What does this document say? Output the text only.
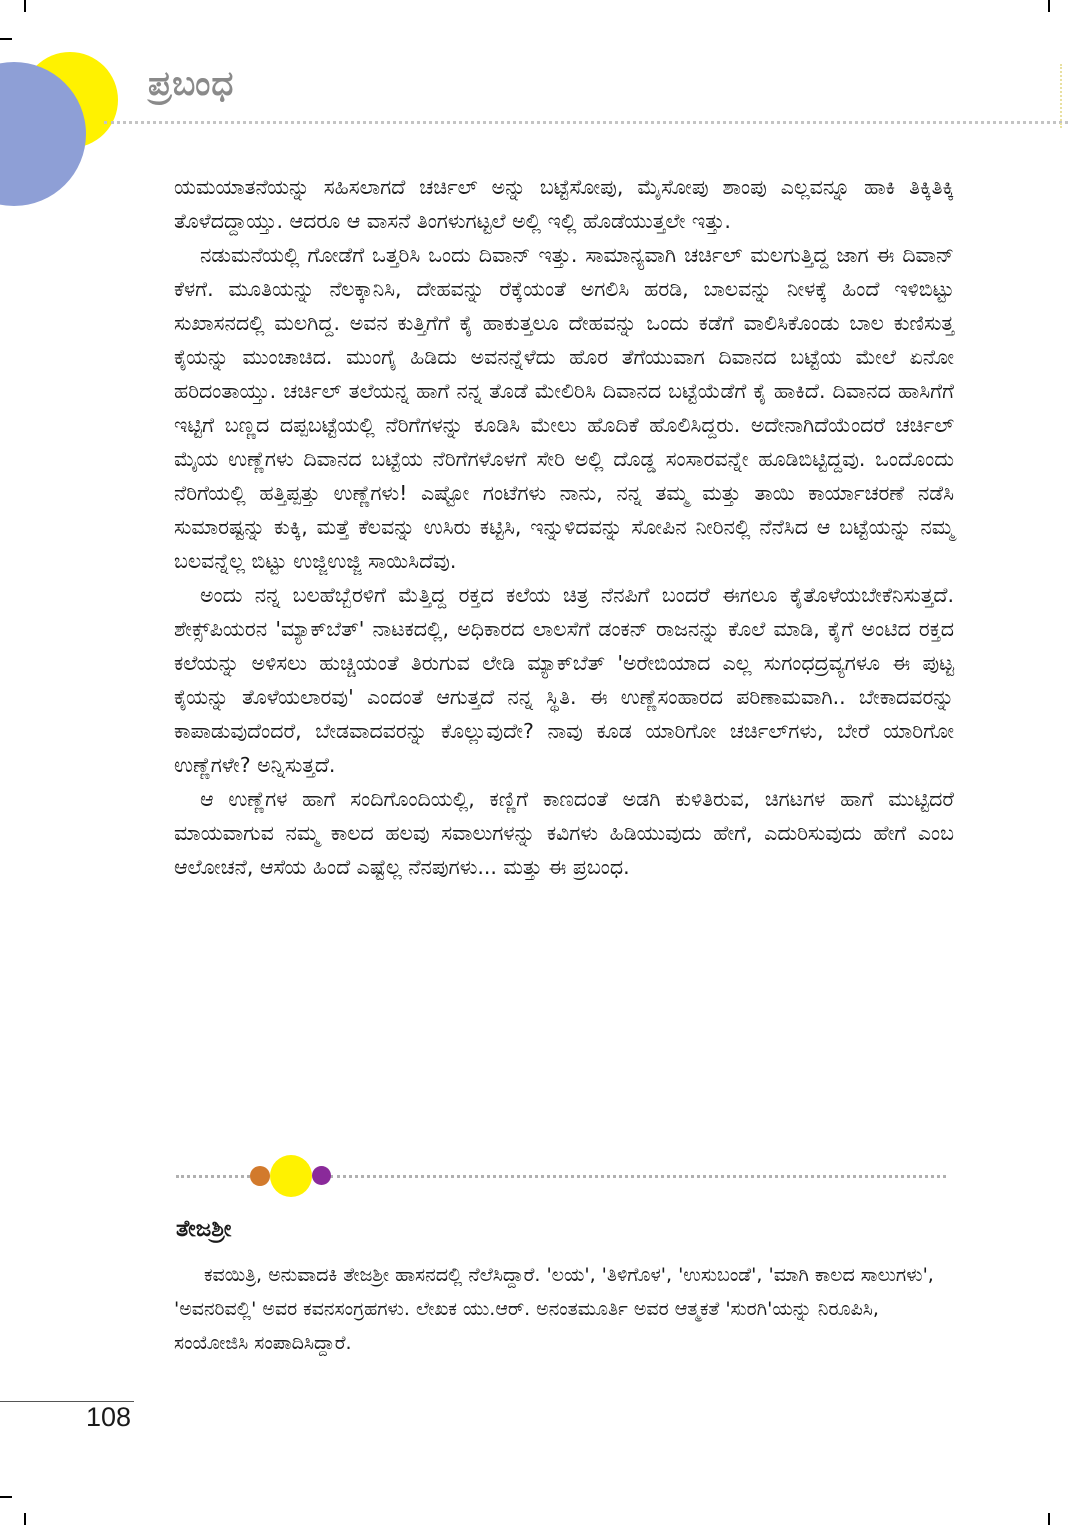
ಪ್ರಬಂಧ

ಯಮಯಾತನೆಯನ್ನು ಸಹಿಸಲಾಗದೆ ಚರ್ಚಿಲ್ ಅನ್ನು ಬಟ್ಟೆಸೋಪು, ಮೈಸೋಪು ಶಾಂಪು ಎಲ್ಲವನ್ನೂ ಹಾಕಿ ತಿಕ್ಕಿತಿಕ್ಕಿ ತೊಳೆದದ್ದಾಯ್ತು. ಆದರೂ ಆ ವಾಸನೆ ತಿಂಗಳುಗಟ್ಟಲೆ ಅಲ್ಲಿ ಇಲ್ಲಿ ಹೊಡೆಯುತ್ತಲೇ ಇತ್ತು.

ನಡುಮನೆಯಲ್ಲಿ ಗೋಡೆಗೆ ಒತ್ತರಿಸಿ ಒಂದು ದಿವಾನ್ ಇತ್ತು. ಸಾಮಾನ್ಯವಾಗಿ ಚರ್ಚಿಲ್ ಮಲಗುತ್ತಿದ್ದ ಜಾಗ ಈ ದಿವಾನ್ ಕೆಳಗೆ. ಮೂತಿಯನ್ನು ನೆಲಕ್ಕಾನಿಸಿ, ದೇಹವನ್ನು ರೆಕ್ಕೆಯಂತೆ ಅಗಲಿಸಿ ಹರಡಿ, ಬಾಲವನ್ನು ನೀಳಕ್ಕೆ ಹಿಂದೆ ಇಳಿಬಿಟ್ಟು ಸುಖಾಸನದಲ್ಲಿ ಮಲಗಿದ್ದ. ಅವನ ಕುತ್ತಿಗೆಗೆ ಕೈ ಹಾಕುತ್ತಲೂ ದೇಹವನ್ನು ಒಂದು ಕಡೆಗೆ ವಾಲಿಸಿಕೊಂಡು ಬಾಲ ಕುಣಿಸುತ್ತ ಕೈಯನ್ನು ಮುಂಚಾಚಿದ. ಮುಂಗೈ ಹಿಡಿದು ಅವನನ್ನೆಳೆದು ಹೊರ ತೆಗೆಯುವಾಗ ದಿವಾನದ ಬಟ್ಟೆಯ ಮೇಲೆ ಏನೋ ಹರಿದಂತಾಯ್ತು. ಚರ್ಚಿಲ್ ತಲೆಯನ್ನ ಹಾಗೆ ನನ್ನ ತೊಡೆ ಮೇಲಿರಿಸಿ ದಿವಾನದ ಬಟ್ಟೆಯೆಡೆಗೆ ಕೈ ಹಾಕಿದೆ. ದಿವಾನದ ಹಾಸಿಗೆಗೆ ಇಟ್ಟಿಗೆ ಬಣ್ಣದ ದಪ್ಪಬಟ್ಟೆಯಲ್ಲಿ ನೆರಿಗೆಗಳನ್ನು ಕೂಡಿಸಿ ಮೇಲು ಹೊದಿಕೆ ಹೊಲಿಸಿದ್ದರು. ಅದೇನಾಗಿದೆಯೆಂದರೆ ಚರ್ಚಿಲ್ ಮೈಯ ಉಣ್ಣೆಗಳು ದಿವಾನದ ಬಟ್ಟೆಯ ನೆರಿಗೆಗಳೊಳಗೆ ಸೇರಿ ಅಲ್ಲಿ ದೊಡ್ಡ ಸಂಸಾರವನ್ನೇ ಹೂಡಿಬಿಟ್ಟಿದ್ದವು. ಒಂದೊಂದು ನೆರಿಗೆಯಲ್ಲಿ ಹತ್ತಿಪ್ಪತ್ತು ಉಣ್ಣೆಗಳು! ಎಷ್ಟೋ ಗಂಟೆಗಳು ನಾನು, ನನ್ನ ತಮ್ಮ ಮತ್ತು ತಾಯಿ ಕಾರ್ಯಾಚರಣೆ ನಡೆಸಿ ಸುಮಾರಷ್ಟನ್ನು ಕುಕ್ಕಿ, ಮತ್ತೆ ಕೆಲವನ್ನು ಉಸಿರು ಕಟ್ಟಿಸಿ, ಇನ್ನುಳಿದವನ್ನು ಸೋಪಿನ ನೀರಿನಲ್ಲಿ ನೆನೆಸಿದ ಆ ಬಟ್ಟೆಯನ್ನು ನಮ್ಮ ಬಲವನ್ನೆಲ್ಲ ಬಿಟ್ಟು ಉಜ್ಜಿಉಜ್ಜಿ ಸಾಯಿಸಿದೆವು.

ಅಂದು ನನ್ನ ಬಲಹೆಬ್ಬೆರಳಿಗೆ ಮೆತ್ತಿದ್ದ ರಕ್ತದ ಕಲೆಯ ಚಿತ್ರ ನೆನಪಿಗೆ ಬಂದರೆ ಈಗಲೂ ಕೈತೊಳೆಯಬೇಕೆನಿಸುತ್ತದೆ. ಶೇಕ್ಸ್‌ಪಿಯರನ 'ಮ್ಯಾಕ್‌ಬೆತ್' ನಾಟಕದಲ್ಲಿ, ಅಧಿಕಾರದ ಲಾಲಸೆಗೆ ಡಂಕನ್ ರಾಜನನ್ನು ಕೊಲೆ ಮಾಡಿ, ಕೈಗೆ ಅಂಟಿದ ರಕ್ತದ ಕಲೆಯನ್ನು ಅಳಿಸಲು ಹುಚ್ಚಿಯಂತೆ ತಿರುಗುವ ಲೇಡಿ ಮ್ಯಾಕ್‌ಬೆತ್ 'ಅರೇಬಿಯಾದ ಎಲ್ಲ ಸುಗಂಧದ್ರವ್ಯಗಳೂ ಈ ಪುಟ್ಟ ಕೈಯನ್ನು ತೊಳೆಯಲಾರವು' ಎಂದಂತೆ ಆಗುತ್ತದೆ ನನ್ನ ಸ್ಥಿತಿ. ಈ ಉಣ್ಣೆಸಂಹಾರದ ಪರಿಣಾಮವಾಗಿ.. ಬೇಕಾದವರನ್ನು ಕಾಪಾಡುವುದೆಂದರೆ, ಬೇಡವಾದವರನ್ನು ಕೊಲ್ಲುವುದೇ? ನಾವು ಕೂಡ ಯಾರಿಗೋ ಚರ್ಚಿಲ್‌ಗಳು, ಬೇರೆ ಯಾರಿಗೋ ಉಣ್ಣೆಗಳೇ? ಅನ್ನಿಸುತ್ತದೆ.

ಆ ಉಣ್ಣೆಗಳ ಹಾಗೆ ಸಂದಿಗೊಂದಿಯಲ್ಲಿ, ಕಣ್ಣಿಗೆ ಕಾಣದಂತೆ ಅಡಗಿ ಕುಳಿತಿರುವ, ಚಿಗಟಗಳ ಹಾಗೆ ಮುಟ್ಟಿದರೆ ಮಾಯವಾಗುವ ನಮ್ಮ ಕಾಲದ ಹಲವು ಸವಾಲುಗಳನ್ನು ಕವಿಗಳು ಹಿಡಿಯುವುದು ಹೇಗೆ, ಎದುರಿಸುವುದು ಹೇಗೆ ಎಂಬ ಆಲೋಚನೆ, ಆಸೆಯ ಹಿಂದೆ ಎಷ್ಟೆಲ್ಲ ನೆನಪುಗಳು... ಮತ್ತು ಈ ಪ್ರಬಂಧ.

ತೇಜಶ್ರೀ
ಕವಯಿತ್ರಿ, ಅನುವಾದಕಿ ತೇಜಶ್ರೀ ಹಾಸನದಲ್ಲಿ ನೆಲೆಸಿದ್ದಾರೆ. 'ಲಯ', 'ತಿಳಿಗೊಳ', 'ಉಸುಬಂಡೆ', 'ಮಾಗಿ ಕಾಲದ ಸಾಲುಗಳು', 'ಅವನರಿವಲ್ಲಿ' ಅವರ ಕವನಸಂಗ್ರಹಗಳು. ಲೇಖಕ ಯು.ಆರ್. ಅನಂತಮೂರ್ತಿ ಅವರ ಆತ್ಮಕತೆ 'ಸುರಗಿ'ಯನ್ನು ನಿರೂಪಿಸಿ, ಸಂಯೋಜಿಸಿ ಸಂಪಾದಿಸಿದ್ದಾರೆ.
108
